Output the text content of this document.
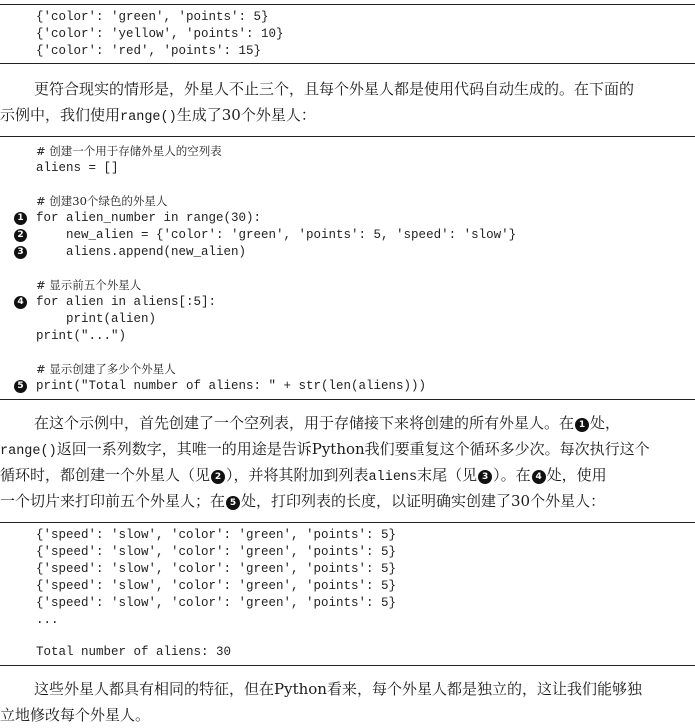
{'color': 'green', 'points': 5}
{'color': 'yellow', 'points': 10}
{'color': 'red', 'points': 15}
更符合现实的情形是，外星人不止三个，且每个外星人都是使用代码自动生成的。在下面的
示例中，我们使用range()生成了30个外星人：
# 创建一个用于存储外星人的空列表
aliens = []
# 创建30个绿色的外星人
for alien_number in range(30):
1
new_alien = {'color': 'green', 'points': 5, 'speed': 'slow'}
2
aliens.append(new_alien)
3
# 显示前五个外星人
for alien in aliens[:5]:
4
print(alien)
print("...")
# 显示创建了多少个外星人
print("Total number of aliens: " + str(len(aliens)))
5
在这个示例中，首先创建了一个空列表，用于存储接下来将创建的所有外星人。在 1 处，
range()返回一系列数字，其唯一的用途是告诉Python我们要重复这个循环多少次。每次执行这个
循环时，都创建一个外星人（见 2 ），并将其附加到列表aliens末尾（见 3 ）。在 4 处，使用
一个切片来打印前五个外星人；在 5 处，打印列表的长度，以证明确实创建了30个外星人：
{'speed': 'slow', 'color': 'green', 'points': 5}
{'speed': 'slow', 'color': 'green', 'points': 5}
{'speed': 'slow', 'color': 'green', 'points': 5}
{'speed': 'slow', 'color': 'green', 'points': 5}
{'speed': 'slow', 'color': 'green', 'points': 5}
...
Total number of aliens: 30
这些外星人都具有相同的特征，但在Python看来，每个外星人都是独立的，这让我们能够独
立地修改每个外星人。
